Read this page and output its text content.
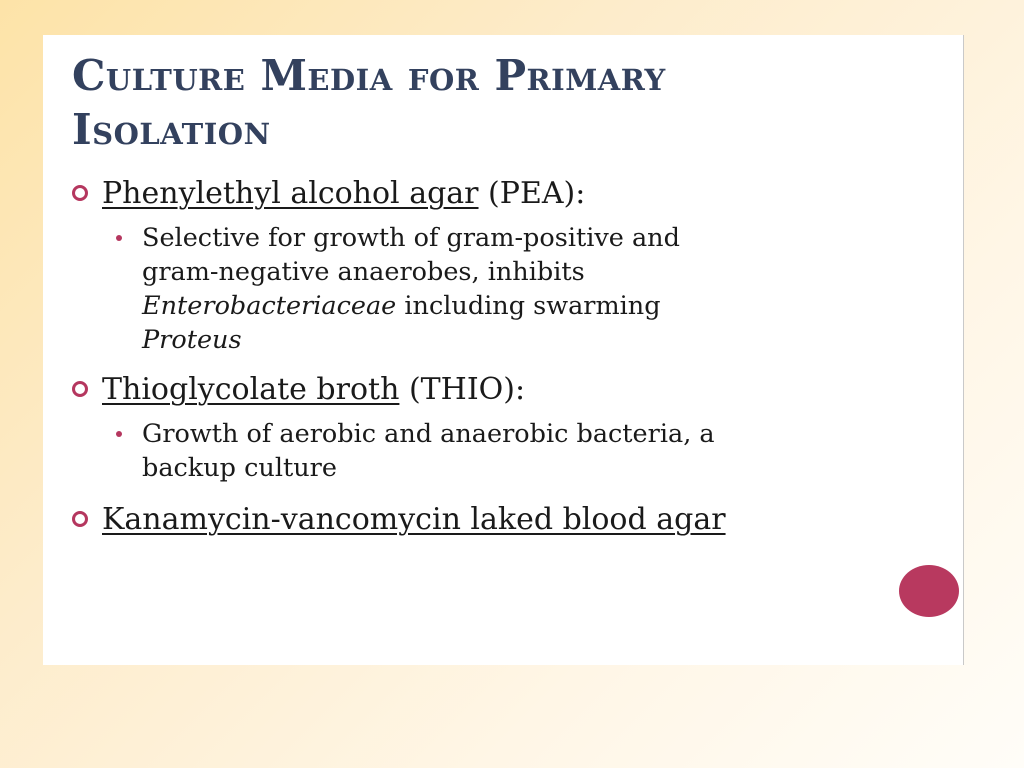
Culture Media for Primary
Isolation
Phenylethyl alcohol agar (PEA):
Selective for growth of gram-positive and
gram-negative anaerobes, inhibits
Enterobacteriaceae including swarming
Proteus
Thioglycolate broth (THIO):
Growth of aerobic and anaerobic bacteria, a
backup culture
Kanamycin-vancomycin laked blood agar
